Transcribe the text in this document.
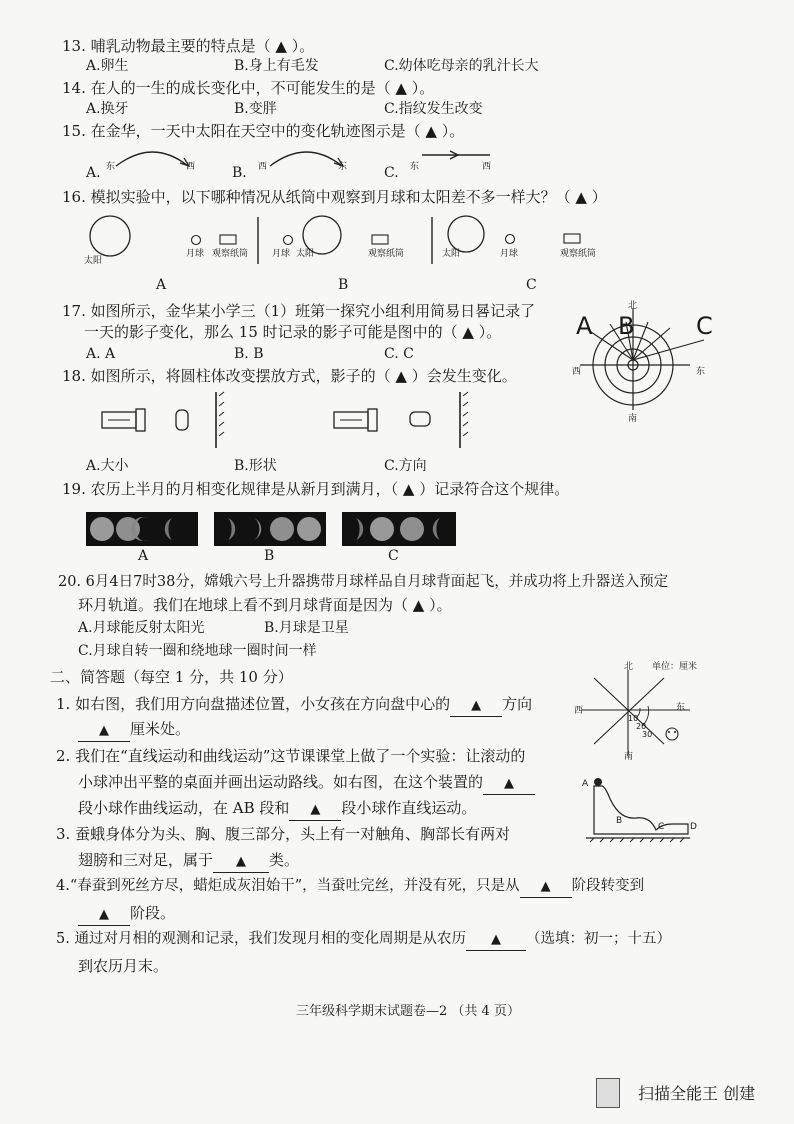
13. 哺乳动物最主要的特点是（ ▲ ）。
A.卵生	B.身上有毛发	C.幼体吃母亲的乳汁长大
14. 在人的一生的成长变化中，不可能发生的是（ ▲ ）。
A.换牙	B.变胖	C.指纹发生改变
15. 在金华，一天中太阳在天空中的变化轨迹图示是（ ▲ ）。
A. 东	西	B. 西	东	C. 东	西
16. 模拟实验中，以下哪种情况从纸筒中观察到月球和太阳差不多一样大？（ ▲ ）
太阳
月球 观察纸筒	月球 太阳	观察纸筒	太阳	月球	观察纸筒
A	B	C
17. 如图所示，金华某小学三（1）班第一探究小组利用简易日晷记录了
一天的影子变化，那么 15 时记录的影子可能是图中的（ ▲ ）。
A. A	B. B	C. C
A B	C
北
南
西	东
18. 如图所示，将圆柱体改变摆放方式，影子的（ ▲ ）会发生变化。
A.大小	B.形状	C.方向
19. 农历上半月的月相变化规律是从新月到满月，（ ▲ ）记录符合这个规律。
A	B	C
20. 6月4日7时38分，嫦娥六号上升器携带月球样品自月球背面起飞，并成功将上升器送入预定
环月轨道。我们在地球上看不到月球背面是因为（ ▲ ）。
A.月球能反射太阳光	B.月球是卫星
C.月球自转一圈和绕地球一圈时间一样
二、简答题（每空 1 分，共 10 分）
1. 如右图，我们用方向盘描述位置，小女孩在方向盘中心的 ▲ 方向
▲ 厘米处。
北
南
西	东
单位：厘米
10
20
30
2. 我们在“直线运动和曲线运动”这节课课堂上做了一个实验：让滚动的
小球冲出平整的桌面并画出运动路线。如右图，在这个装置的 ▲
段小球作曲线运动，在 AB 段和 ▲ 段小球作直线运动。
A
B
C	D
3. 蚕蛾身体分为头、胸、腹三部分，头上有一对触角、胸部长有两对
翅膀和三对足，属于 ▲ 类。
4.“春蚕到死丝方尽，蜡炬成灰泪始干”，当蚕吐完丝，并没有死，只是从 ▲ 阶段转变到
▲ 阶段。
5. 通过对月相的观测和记录，我们发现月相的变化周期是从农历 ▲ （选填：初一；十五）
到农历月末。
三年级科学期末试题卷—2 （共 4 页）
扫描全能王 创建
